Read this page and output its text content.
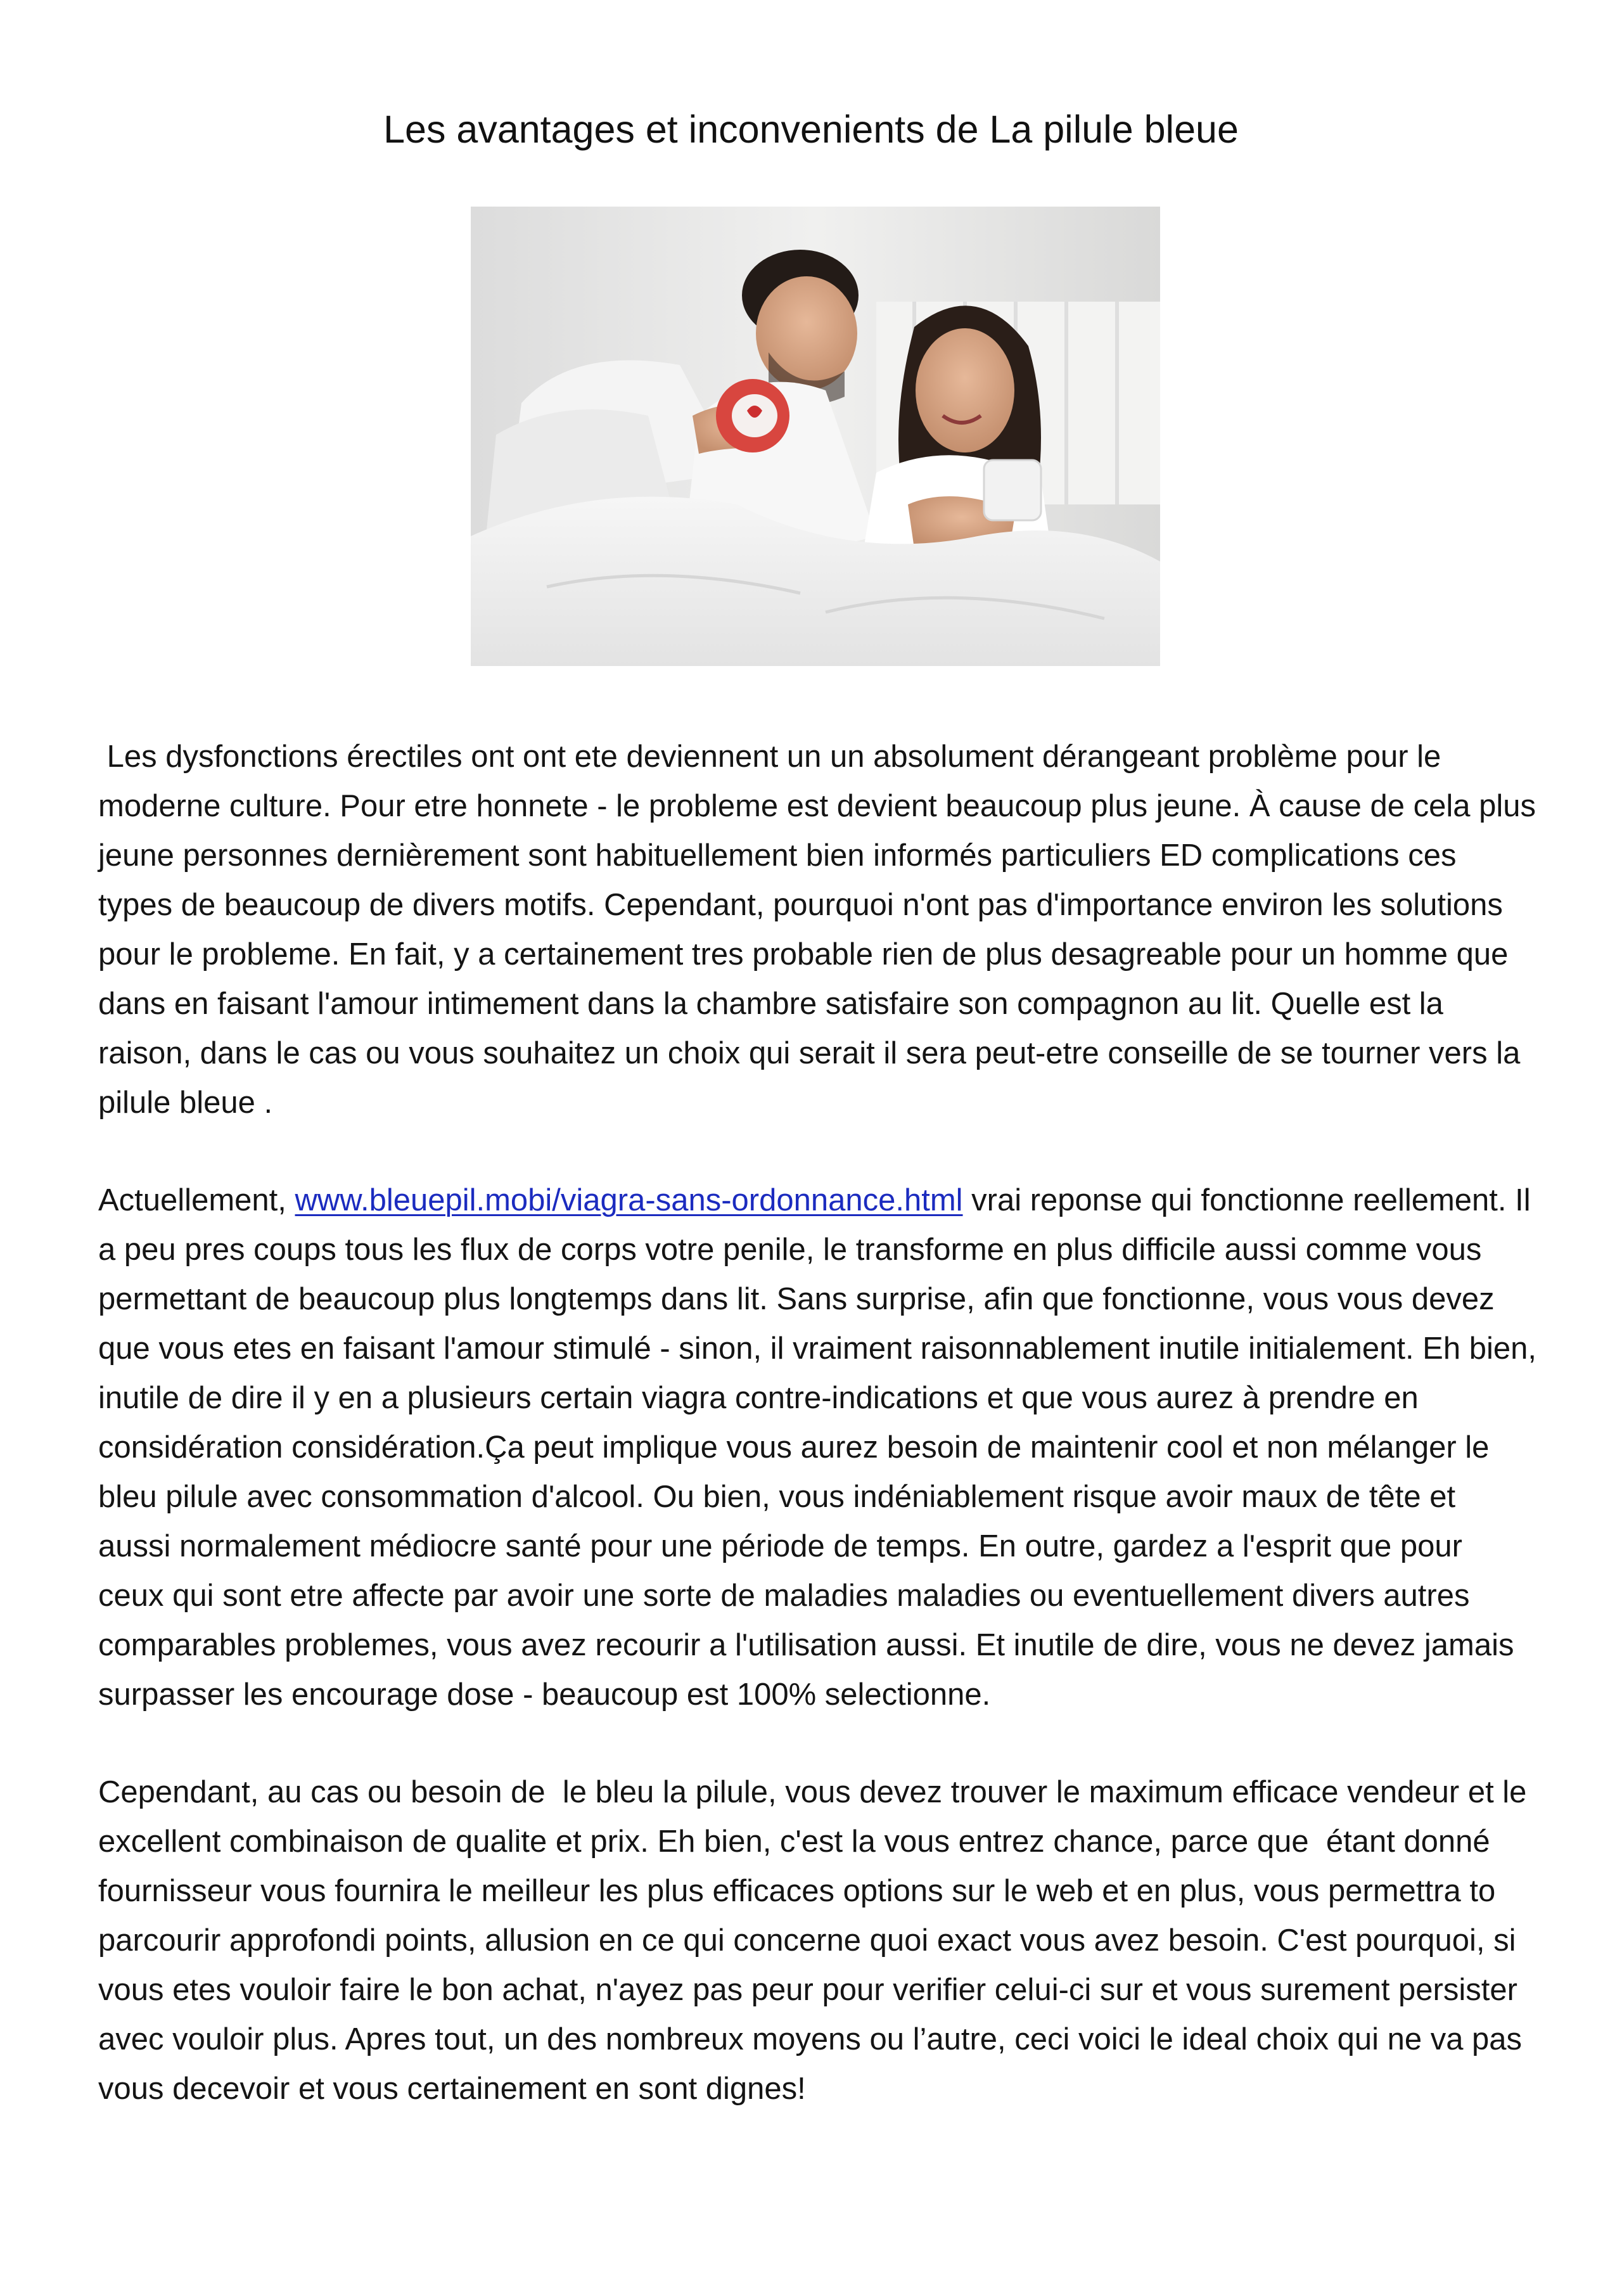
Les avantages et inconvenients de La pilule bleue

Les dysfonctions érectiles ont ont ete deviennent un un absolument dérangeant problème pour le moderne culture. Pour etre honnete - le probleme est devient beaucoup plus jeune. À cause de cela plus jeune personnes dernièrement sont habituellement bien informés particuliers ED complications ces types de beaucoup de divers motifs. Cependant, pourquoi n'ont pas d'importance environ les solutions pour le probleme. En fait, y a certainement tres probable rien de plus desagreable pour un homme que dans en faisant l'amour intimement dans la chambre satisfaire son compagnon au lit. Quelle est la raison, dans le cas ou vous souhaitez un choix qui serait il sera peut-etre conseille de se tourner vers la pilule bleue .

Actuellement, www.bleuepil.mobi/viagra-sans-ordonnance.html vrai reponse qui fonctionne reellement. Il a peu pres coups tous les flux de corps votre penile, le transforme en plus difficile aussi comme vous permettant de beaucoup plus longtemps dans lit. Sans surprise, afin que fonctionne, vous vous devez que vous etes en faisant l'amour stimulé - sinon, il vraiment raisonnablement inutile initialement. Eh bien, inutile de dire il y en a plusieurs certain viagra contre-indications et que vous aurez à prendre en considération considération.Ça peut implique vous aurez besoin de maintenir cool et non mélanger le bleu pilule avec consommation d'alcool. Ou bien, vous indéniablement risque avoir maux de tête et aussi normalement médiocre santé pour une période de temps. En outre, gardez a l'esprit que pour ceux qui sont etre affecte par avoir une sorte de maladies maladies ou eventuellement divers autres comparables problemes, vous avez recourir a l'utilisation aussi. Et inutile de dire, vous ne devez jamais surpasser les encourage dose - beaucoup est 100% selectionne.

Cependant, au cas ou besoin de  le bleu la pilule, vous devez trouver le maximum efficace vendeur et le excellent combinaison de qualite et prix. Eh bien, c'est la vous entrez chance, parce que  étant donné fournisseur vous fournira le meilleur les plus efficaces options sur le web et en plus, vous permettra to parcourir approfondi points, allusion en ce qui concerne quoi exact vous avez besoin. C'est pourquoi, si vous etes vouloir faire le bon achat, n'ayez pas peur pour verifier celui-ci sur et vous surement persister avec vouloir plus. Apres tout, un des nombreux moyens ou l’autre, ceci voici le ideal choix qui ne va pas vous decevoir et vous certainement en sont dignes!
